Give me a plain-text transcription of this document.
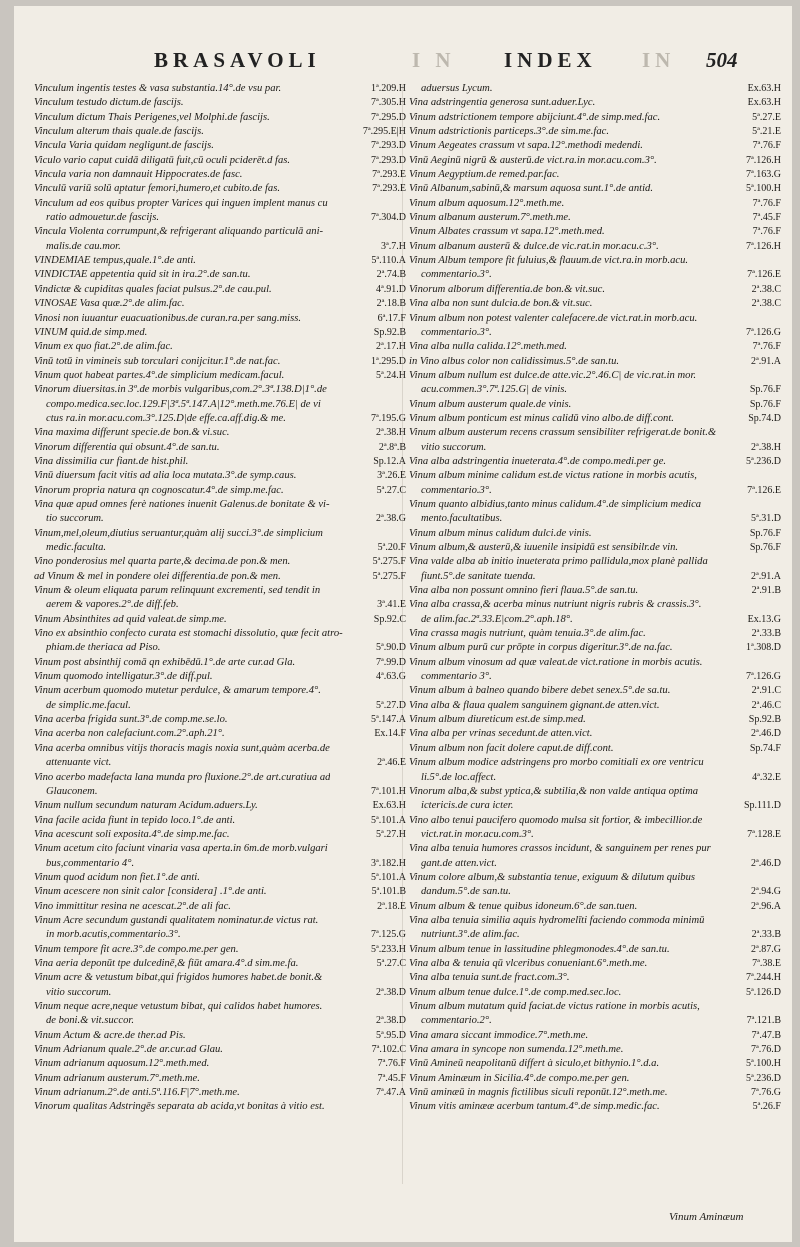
BRASAVOLI	I N INDEX IN 504
Vinculum ingentis testes & vasa substantia.14°.de vsu par.	1ª.209.H
Vinculum testudo dictum.de fascijs.	7ª.305.H
Vinculum dictum Thais Perigenes,vel Molphi.de fascijs.	7ª.295.D
Vinculum alterum thais quale.de fascijs.	7ª.295.E|H
Vincula Varia quidam negligunt.de fascijs.	7ª.293.D
Viculo vario caput cuidā diligatū fuit,cū oculi pciderēt.d fas.	7ª.293.D
Vincula varia non damnauit Hippocrates.de fasc.	7ª.293.E
Vinculū variū solū aptatur femori,humero,et cubito.de fas.	7ª.293.E
Vinculum ad eos quibus propter Varices qui inguen implent manus cu
ratio admouetur.de fascijs.	7ª.304.D
Vincula Violenta corrumpunt,& refrigerant aliquando particulā ani-
malis.de cau.mor.	3ª.7.H
VINDEMIAE tempus,quale.1°.de anti.	5ª.110.A
VINDICTAE appetentia quid sit in ira.2°.de san.tu.	2ª.74.B
Vindictæ & cupiditas quales faciat pulsus.2°.de cau.pul.	4ª.91.D
VINOSAE Vasa quæ.2°.de alim.fac.	2ª.18.B
Vinosi non iuuantur euacuationibus.de curan.ra.per sang.miss.	6ª.17.F
VINUM quid.de simp.med.	Sp.92.B
Vinum ex quo fiat.2°.de alim.fac.	2ª.17.H
Vinū totū in vimineis sub torculari conijcitur.1°.de nat.fac.	1ª.295.D
Vinum quot habeat partes.4°.de simplicium medicam.facul.	5ª.24.H
Vinorum diuersitas.in 3º.de morbis vulgaribus,com.2°.3ª.138.D|1°.de
compo.medica.sec.loc.129.F|3ª.5ª.147.A|12°.meth.me.76.E| de vi
ctus ra.in mor.acu.com.3°.125.D|de effe.ca.aff.dig.& me.	7ª.195.G
Vina maxima differunt specie.de bon.& vi.suc.	2ª.38.H
Vinorum differentia qui obsunt.4°.de san.tu.	2ª.8ª.B
Vina dissimilia cur fiant.de hist.phil.	Sp.12.A
Vinū diuersum facit vitis ad alia loca mutata.3°.de symp.caus.	3ª.26.E
Vinorum propria natura qn cognoscatur.4°.de simp.me.fac.	5ª.27.C
Vina quæ apud omnes ferè nationes inuenit Galenus.de bonitate & vi-
tio succorum.	2ª.38.G
Vinum,mel,oleum,diutius seruantur,quàm alij succi.3°.de simplicium
medic.faculta.	5ª.20.F
Vino ponderosius mel quarta parte,& decima.de pon.& men.	5ª.275.F
ad Vinum & mel in pondere olei differentia.de pon.& men.	5ª.275.F
Vinum & oleum eliquata parum relinquunt excrementi, sed tendit in
aerem & vapores.2°.de diff.feb.	3ª.41.E
Vinum Absinthites ad quid valeat.de simp.me.	Sp.92.C
Vino ex absinthio confecto curata est stomachi dissolutio, quæ fecit atro-
phiam.de theriaca ad Piso.	5ª.90.D
Vinum post absinthij comā qn exhibēdū.1°.de arte cur.ad Gla.	7ª.99.D
Vinum quomodo intelligatur.3°.de diff.pul.	4ª.63.G
Vinum acerbum quomodo mutetur perdulce, & amarum tempore.4°.
de simplic.me.facul.	5ª.27.D
Vina acerba frigida sunt.3°.de comp.me.se.lo.	5ª.147.A
Vina acerba non calefaciunt.com.2°.aph.21°.	Ex.14.F
Vina acerba omnibus vitijs thoracis magis noxia sunt,quàm acerba.de
attenuante vict.	2ª.46.E
Vino acerbo madefacta lana munda pro fluxione.2°.de art.curatiua ad
Glauconem.	7ª.101.H
Vinum nullum secundum naturam Acidum.aduers.Ly.	Ex.63.H
Vina facile acida fiunt in tepido loco.1°.de anti.	5ª.101.A
Vina acescunt soli exposita.4°.de simp.me.fac.	5ª.27.H
Vinum acetum cito faciunt vinaria vasa aperta.in 6m.de morb.vulgari
bus,commentario 4°.	3ª.182.H
Vinum quod acidum non fiet.1°.de anti.	5ª.101.A
Vinum acescere non sinit calor [considera] .1°.de anti.	5ª.101.B
Vino immittitur resina ne acescat.2°.de ali fac.	2ª.18.E
Vinum Acre secundum gustandi qualitatem nominatur.de victus rat.
in morb.acutis,commentario.3°.	7ª.125.G
Vinum tempore fit acre.3°.de compo.me.per gen.	5ª.233.H
Vina aeria deponūt tpe dulcedinē,& fiūt amara.4°.d sim.me.fa.	5ª.27.C
Vinum acre & vetustum bibat,qui frigidos humores habet.de bonit.&
vitio succorum.	2ª.38.D
Vinum neque acre,neque vetustum bibat, qui calidos habet humores.
de boni.& vit.succor.	2ª.38.D
Vinum Actum & acre.de ther.ad Pis.	5ª.95.D
Vinum Adrianum quale.2°.de ar.cur.ad Glau.	7ª.102.C
Vinum adrianum aquosum.12°.meth.med.	7ª.76.F
Vinum adrianum austerum.7°.meth.me.	7ª.45.F
Vinum adrianum.2°.de anti.5ª.116.F|7°.meth.me.	7ª.47.A
Vinorum qualitas Adstringēs separata ab acida,vt bonitas à vitio est.
aduersus Lycum.	Ex.63.H
Vina adstringentia generosa sunt.aduer.Lyc.	Ex.63.H
Vinum adstrictionem tempore abijciunt.4°.de simp.med.fac.	5ª.27.E
Vinum adstrictionis particeps.3°.de sim.me.fac.	5ª.21.E
Vinum Aegeates crassum vt sapa.12°.methodi medendi.	7ª.76.F
Vinū Aeginū nigrū & austerū.de vict.ra.in mor.acu.com.3°.	7ª.126.H
Vinum Aegyptium.de remed.par.fac.	7ª.163.G
Vinū Albanum,sabinū,& marsum aquosa sunt.1°.de antid.	5ª.100.H
Vinum album aquosum.12°.meth.me.	7ª.76.F
Vinum albanum austerum.7°.meth.me.	7ª.45.F
Vinum Albates crassum vt sapa.12°.meth.med.	7ª.76.F
Vinum albanum austerū & dulce.de vic.rat.in mor.acu.c.3°.	7ª.126.H
Vinum Album tempore fit fuluius,& flauum.de vict.ra.in morb.acu.
commentario.3°.	7ª.126.E
Vinorum alborum differentia.de bon.& vit.suc.	2ª.38.C
Vina alba non sunt dulcia.de bon.& vit.suc.	2ª.38.C
Vinum album non potest valenter calefacere.de vict.rat.in morb.acu.
commentario.3°.	7ª.126.G
Vina alba nulla calida.12°.meth.med.	7ª.76.F
in Vino albus color non calidissimus.5°.de san.tu.	2ª.91.A
Vinum album nullum est dulce.de atte.vic.2°.46.C| de vic.rat.in mor.
acu.commen.3°.7ª.125.G| de vinis.	Sp.76.F
Vinum album austerum quale.de vinis.	Sp.76.F
Vinum album ponticum est minus calidū vino albo.de diff.cont.	Sp.74.D
Vinum album austerum recens crassum sensibiliter refrigerat.de bonit.&
vitio succorum.	2ª.38.H
Vina alba adstringentia inueterata.4°.de compo.medi.per ge.	5ª.236.D
Vinum album minime calidum est.de victus ratione in morbis acutis,
commentario.3°.	7ª.126.E
Vinum quanto albidius,tanto minus calidum.4°.de simplicium medica
mento.facultatibus.	5ª.31.D
Vinum album minus calidum dulci.de vinis.	Sp.76.F
Vinum album,& austerū,& iuuenile insipidū est sensibilr.de vin.	Sp.76.F
Vina valde alba ab initio inueterata primo pallidula,mox planè pallida
fiunt.5°.de sanitate tuenda.	2ª.91.A
Vina alba non possunt omnino fieri flaua.5°.de san.tu.	2ª.91.B
Vina alba crassa,& acerba minus nutriunt nigris rubris & crassis.3°.
de alim.fac.2ª.33.E|com.2°.aph.18°.	Ex.13.G
Vina crassa magis nutriunt, quàm tenuia.3°.de alim.fac.	2ª.33.B
Vinum album purū cur prōpte in corpus digeritur.3°.de na.fac.	1ª.308.D
Vinum album vinosum ad quæ valeat.de vict.ratione in morbis acutis.
commentario 3°.	7ª.126.G
Vinum album à balneo quando bibere debet senex.5°.de sa.tu.	2ª.91.C
Vina alba & flaua qualem sanguinem gignant.de atten.vict.	2ª.46.C
Vinum album diureticum est.de simp.med.	Sp.92.B
Vina alba per vrinas secedunt.de atten.vict.	2ª.46.D
Vinum album non facit dolere caput.de diff.cont.	Sp.74.F
Vinum album modice adstringens pro morbo comitiali ex ore ventricu
li.5°.de loc.affect.	4ª.32.E
Vinorum alba,& subst yptica,& subtilia,& non valde antiqua optima
ictericis.de cura icter.	Sp.111.D
Vino albo tenui paucifero quomodo mulsa sit fortior, & imbecillior.de
vict.rat.in mor.acu.com.3°.	7ª.128.E
Vina alba tenuia humores crassos incidunt, & sanguinem per renes pur
gant.de atten.vict.	2ª.46.D
Vinum colore album,& substantia tenue, exiguum & dilutum quibus
dandum.5°.de san.tu.	2ª.94.G
Vinum album & tenue quibus idoneum.6°.de san.tuen.	2ª.96.A
Vina alba tenuia similia aquis hydromelīti faciendo commoda minimū
nutriunt.3°.de alim.fac.	2ª.33.B
Vinum album tenue in lassitudine phlegmonodes.4°.de san.tu.	2ª.87.G
Vina alba & tenuia qū vlceribus conueniant.6°.meth.me.	7ª.38.E
Vina alba tenuia sunt.de fract.com.3°.	7ª.244.H
Vinum album tenue dulce.1°.de comp.med.sec.loc.	5ª.126.D
Vinum album mutatum quid faciat.de victus ratione in morbis acutis,
commentario.2°.	7ª.121.B
Vina amara siccant immodice.7°.meth.me.	7ª.47.B
Vina amara in syncope non sumenda.12°.meth.me.	7ª.76.D
Vinū Amineū neapolitanū differt à siculo,et bithynio.1°.d.a.	5ª.100.H
Vinum Aminæum in Sicilia.4°.de compo.me.per gen.	5ª.236.D
Vinū aminæū in magnis fictilibus siculi reponūt.12°.meth.me.	7ª.76.G
Vinum vitis aminææ acerbum tantum.4°.de simp.medic.fac.	5ª.26.F
Vinum Aminæum
